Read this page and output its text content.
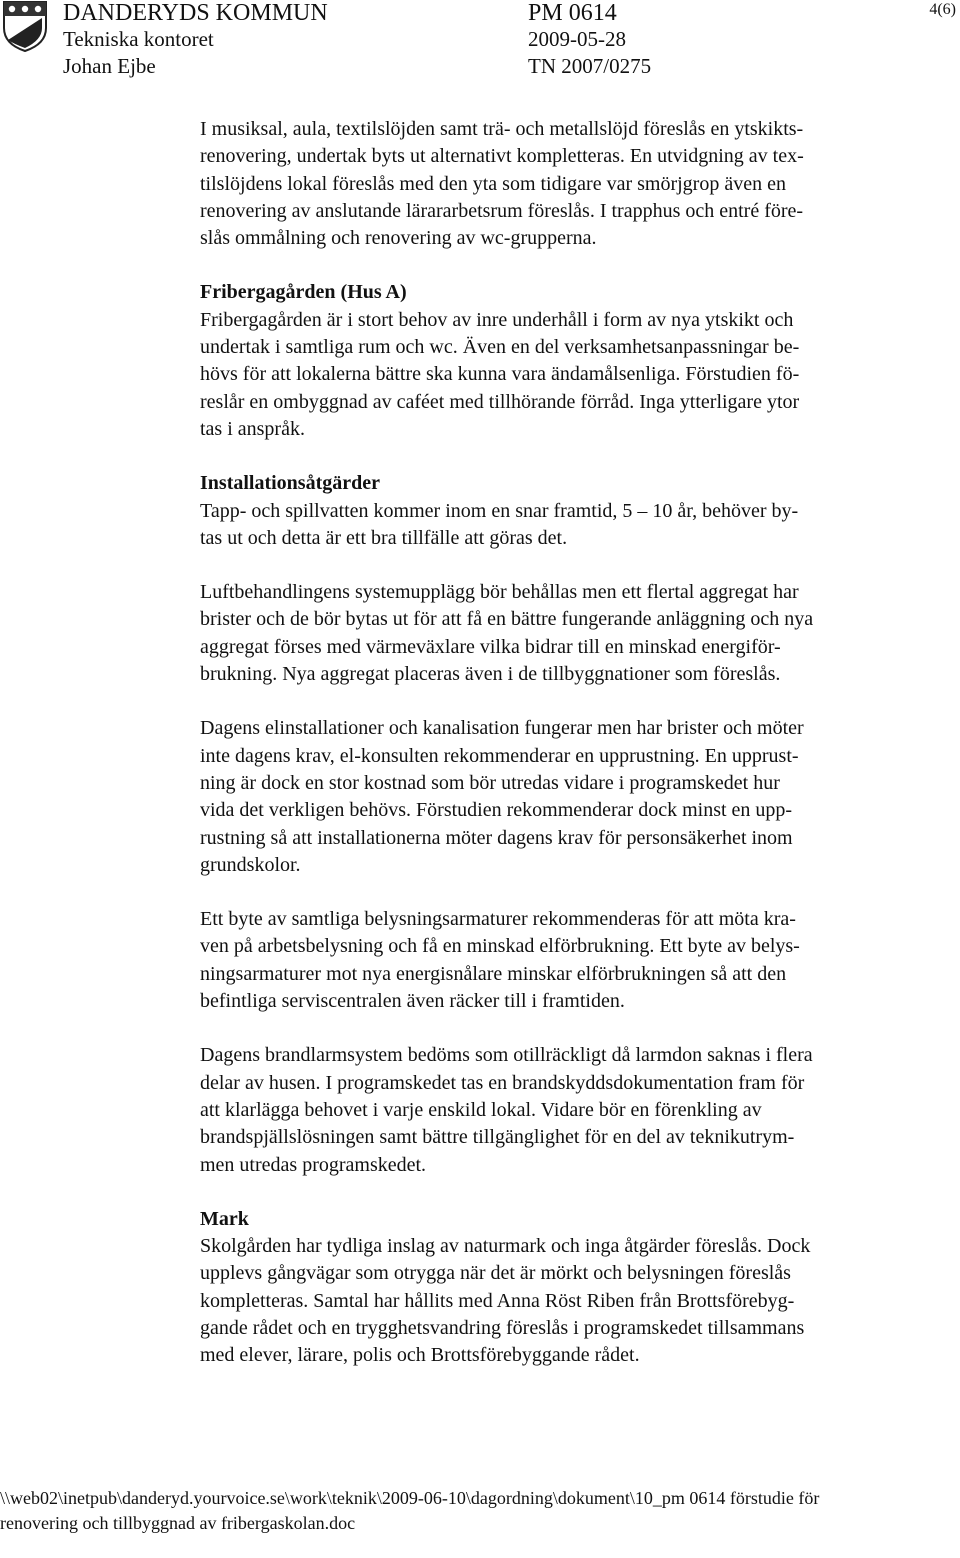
DANDERYDS KOMMUN
Tekniska kontoret
Johan Ejbe
PM 0614
2009-05-28
TN 2007/0275
4(6)

I musiksal, aula, textilslöjden samt trä- och metallslöjd föreslås en ytskikts-
renovering, undertak byts ut alternativt kompletteras. En utvidgning av tex-
tilslöjdens lokal föreslås med den yta som tidigare var smörjgrop även en
renovering av anslutande lärararbetsrum föreslås. I trapphus och entré före-
slås ommålning och renovering av wc-grupperna.

Fribergagården (Hus A)

Fribergagården är i stort behov av inre underhåll i form av nya ytskikt och
undertak i samtliga rum och wc. Även en del verksamhetsanpassningar be-
hövs för att lokalerna bättre ska kunna vara ändamålsenliga. Förstudien fö-
reslår en ombyggnad av caféet med tillhörande förråd. Inga ytterligare ytor
tas i anspråk.

Installationsåtgärder

Tapp- och spillvatten kommer inom en snar framtid, 5 – 10 år, behöver by-
tas ut och detta är ett bra tillfälle att göras det.

Luftbehandlingens systemupplägg bör behållas men ett flertal aggregat har
brister och de bör bytas ut för att få en bättre fungerande anläggning och nya
aggregat förses med värmeväxlare vilka bidrar till en minskad energiför-
brukning. Nya aggregat placeras även i de tillbyggnationer som föreslås.

Dagens elinstallationer och kanalisation fungerar men har brister och möter
inte dagens krav, el-konsulten rekommenderar en upprustning. En upprust-
ning är dock en stor kostnad som bör utredas vidare i programskedet hur
vida det verkligen behövs. Förstudien rekommenderar dock minst en upp-
rustning så att installationerna möter dagens krav för personsäkerhet inom
grundskolor.

Ett byte av samtliga belysningsarmaturer rekommenderas för att möta kra-
ven på arbetsbelysning och få en minskad elförbrukning. Ett byte av belys-
ningsarmaturer mot nya energisnålare minskar elförbrukningen så att den
befintliga serviscentralen även räcker till i framtiden.

Dagens brandlarmsystem bedöms som otillräckligt då larmdon saknas i flera
delar av husen. I programskedet tas en brandskyddsdokumentation fram för
att klarlägga behovet i varje enskild lokal. Vidare bör en förenkling av
brandspjällslösningen samt bättre tillgänglighet för en del av teknikutrym-
men utredas programskedet.

Mark

Skolgården har tydliga inslag av naturmark och inga åtgärder föreslås. Dock
upplevs gångvägar som otrygga när det är mörkt och belysningen föreslås
kompletteras. Samtal har hållits med Anna Röst Riben från Brottsförebyg-
gande rådet och en trygghetsvandring föreslås i programskedet tillsammans
med elever, lärare, polis och Brottsförebyggande rådet.

\\web02\inetpub\danderyd.yourvoice.se\work\teknik\2009-06-10\dagordning\dokument\10_pm 0614 förstudie för
renovering och tillbyggnad av fribergaskolan.doc
